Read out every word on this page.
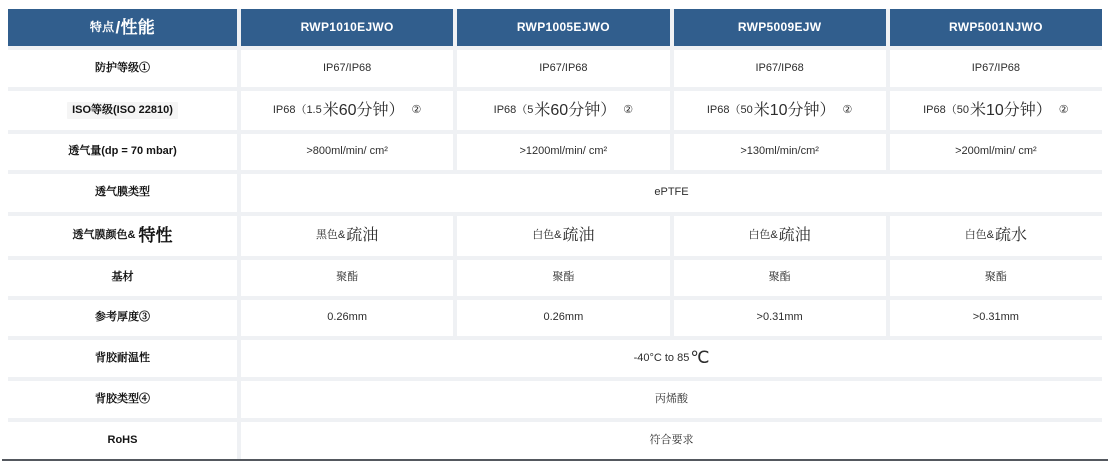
特点 /性能	RWP1010EJWO	RWP1005EJWO	RWP5009EJW	RWP5001NJWO
防护等级①	IP67/IP68	IP67/IP68	IP67/IP68	IP67/IP68
ISO等级(ISO 22810)	IP68（1.5 米60分钟） ②	IP68（5 米60分钟） ②	IP68（50 米10分钟） ②	IP68（50 米10分钟） ②
透气量(dp = 70 mbar)	>800ml/min/ cm²	>1200ml/min/ cm²	>130ml/min/cm²	>200ml/min/ cm²
透气膜类型	ePTFE
透气膜颜色& 特性	黑色& 疏油	白色& 疏油	白色& 疏油	白色& 疏水
基材	聚酯	聚酯	聚酯	聚酯
参考厚度③	0.26mm	0.26mm	>0.31mm	>0.31mm
背胶耐温性	-40°C to 85 ℃
背胶类型④	丙烯酸
RoHS	符合要求
